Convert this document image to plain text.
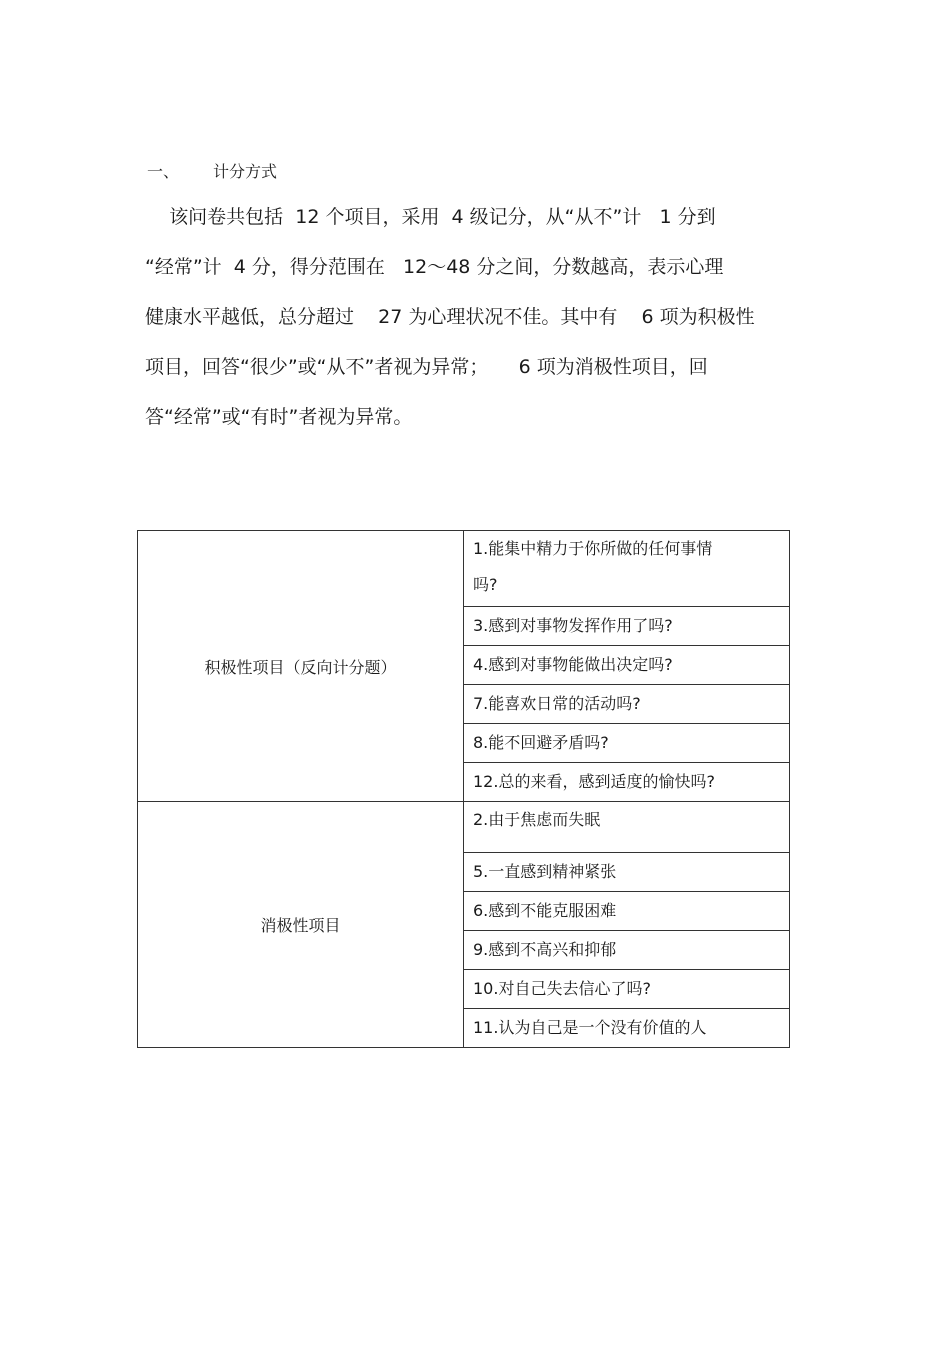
一、 计分方式
该问卷共包括  12 个项目，采用  4 级记分，从“从不”计   1 分到
“经常”计  4 分，得分范围在   12～48 分之间，分数越高，表示心理
健康水平越低，总分超过    27 为心理状况不佳。其中有    6 项为积极性
项目，回答“很少”或“从不”者视为异常；     6 项为消极性项目，回
答“经常”或“有时”者视为异常。
积极性项目（反向计分题）	1.能集中精力于你所做的任何事情
吗?

	3.感到对事物发挥作用了吗?
	4.感到对事物能做出决定吗?
	7.能喜欢日常的活动吗?
	8.能不回避矛盾吗?
	12.总的来看，感到适度的愉快吗?
消极性项目	2.由于焦虑而失眠
	5.一直感到精神紧张
	6.感到不能克服困难
	9.感到不高兴和抑郁
	10.对自己失去信心了吗?
	11.认为自己是一个没有价值的人
